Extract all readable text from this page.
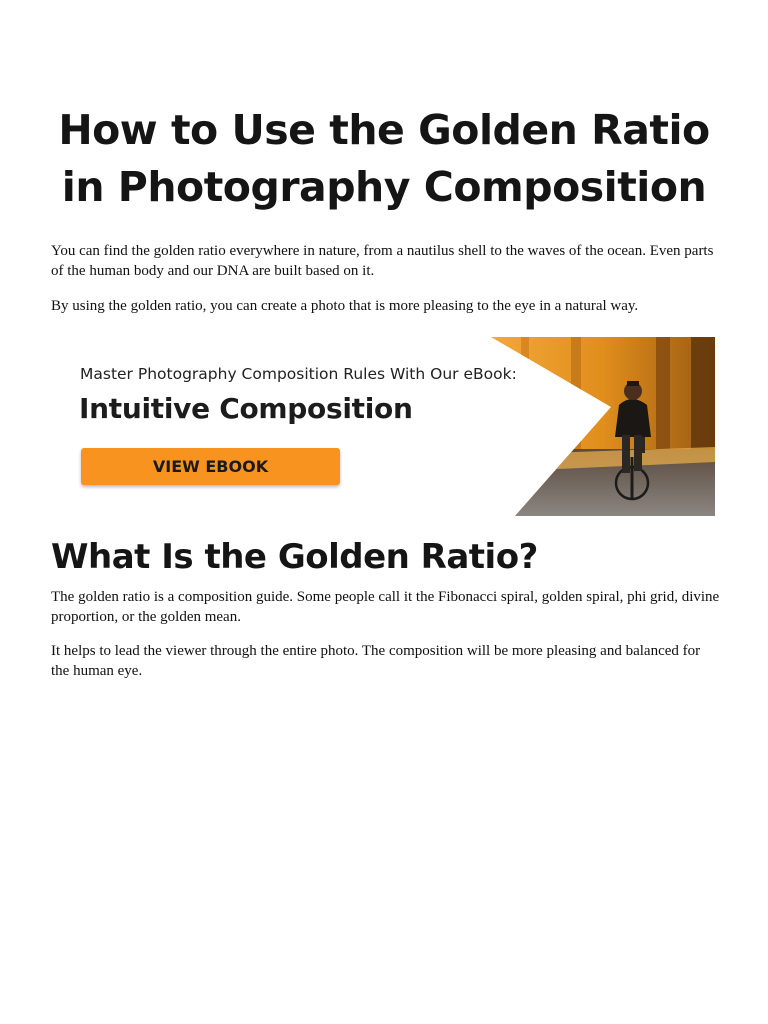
How to Use the Golden Ratio in Photography Composition

You can find the golden ratio everywhere in nature, from a nautilus shell to the waves of the ocean. Even parts of the human body and our DNA are built based on it.

By using the golden ratio, you can create a photo that is more pleasing to the eye in a natural way.

Master Photography Composition Rules With Our eBook:
Intuitive Composition
VIEW EBOOK
What Is the Golden Ratio?

The golden ratio is a composition guide. Some people call it the Fibonacci spiral, golden spiral, phi grid, divine proportion, or the golden mean.

It helps to lead the viewer through the entire photo. The composition will be more pleasing and balanced for the human eye.
